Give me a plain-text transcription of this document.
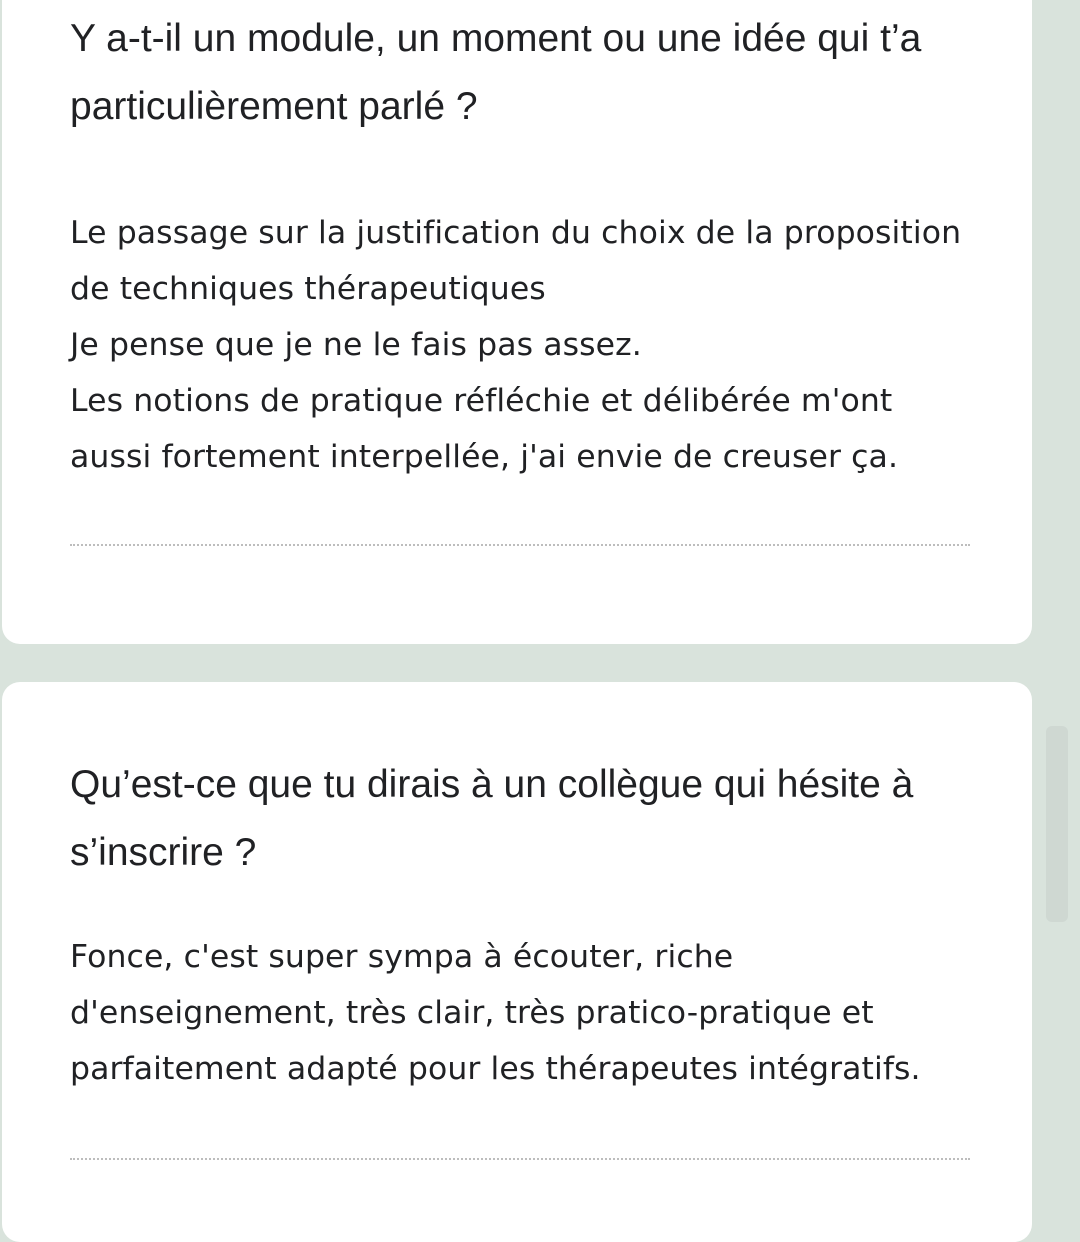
Y a-t-il un module, un moment ou une idée qui t’a particulièrement parlé ?
Le passage sur la justification du choix de la proposition de techniques thérapeutiques
Je pense que je ne le fais pas assez.
Les notions de pratique réfléchie et délibérée m'ont aussi fortement interpellée, j'ai envie de creuser ça.
Qu’est-ce que tu dirais à un collègue qui hésite à s’inscrire ?
Fonce, c'est super sympa à écouter, riche d'enseignement, très clair, très pratico-pratique et parfaitement adapté pour les thérapeutes intégratifs.
